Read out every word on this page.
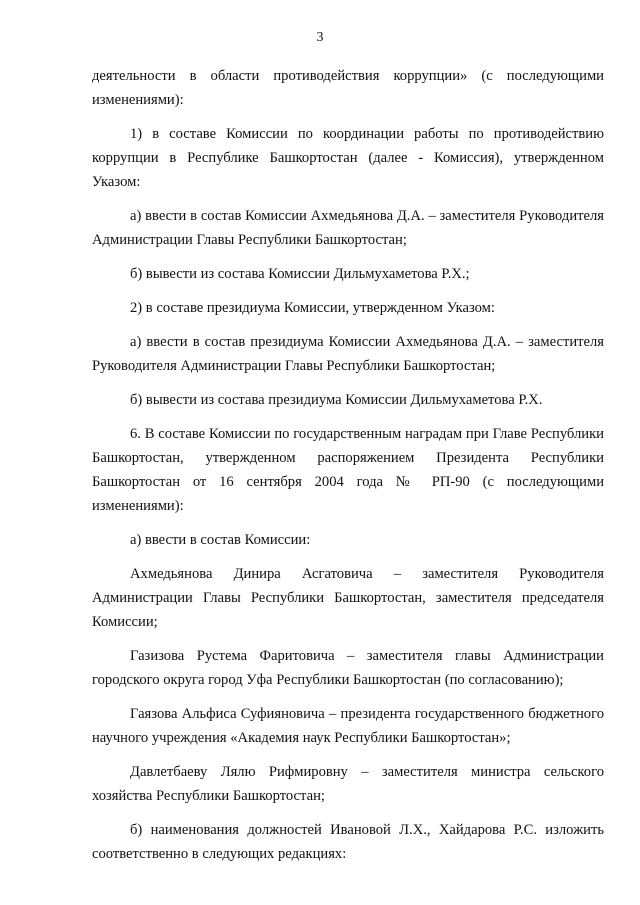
3

деятельности в области противодействия коррупции» (с последующими изменениями):

1) в составе Комиссии по координации работы по противодействию коррупции в Республике Башкортостан (далее - Комиссия), утвержденном Указом:

а) ввести в состав Комиссии Ахмедьянова Д.А. – заместителя Руководителя Администрации Главы Республики Башкортостан;

б) вывести из состава Комиссии Дильмухаметова Р.Х.;

2) в составе президиума Комиссии, утвержденном Указом:

а) ввести в состав президиума Комиссии Ахмедьянова Д.А. – заместителя Руководителя Администрации Главы Республики Башкортостан;

б) вывести из состава президиума Комиссии Дильмухаметова Р.Х.

6. В составе Комиссии по государственным наградам при Главе Республики Башкортостан, утвержденном распоряжением Президента Республики Башкортостан от 16 сентября 2004 года № РП-90 (с последующими изменениями):

а) ввести в состав Комиссии:

Ахмедьянова Динира Асгатовича – заместителя Руководителя Администрации Главы Республики Башкортостан, заместителя председателя Комиссии;

Газизова Рустема Фаритовича – заместителя главы Администрации городского округа город Уфа Республики Башкортостан (по согласованию);

Гаязова Альфиса Суфияновича – президента государственного бюджетного научного учреждения «Академия наук Республики Башкортостан»;

Давлетбаеву Лялю Рифмировну – заместителя министра сельского хозяйства Республики Башкортостан;

б) наименования должностей Ивановой Л.Х., Хайдарова Р.С. изложить соответственно в следующих редакциях:
